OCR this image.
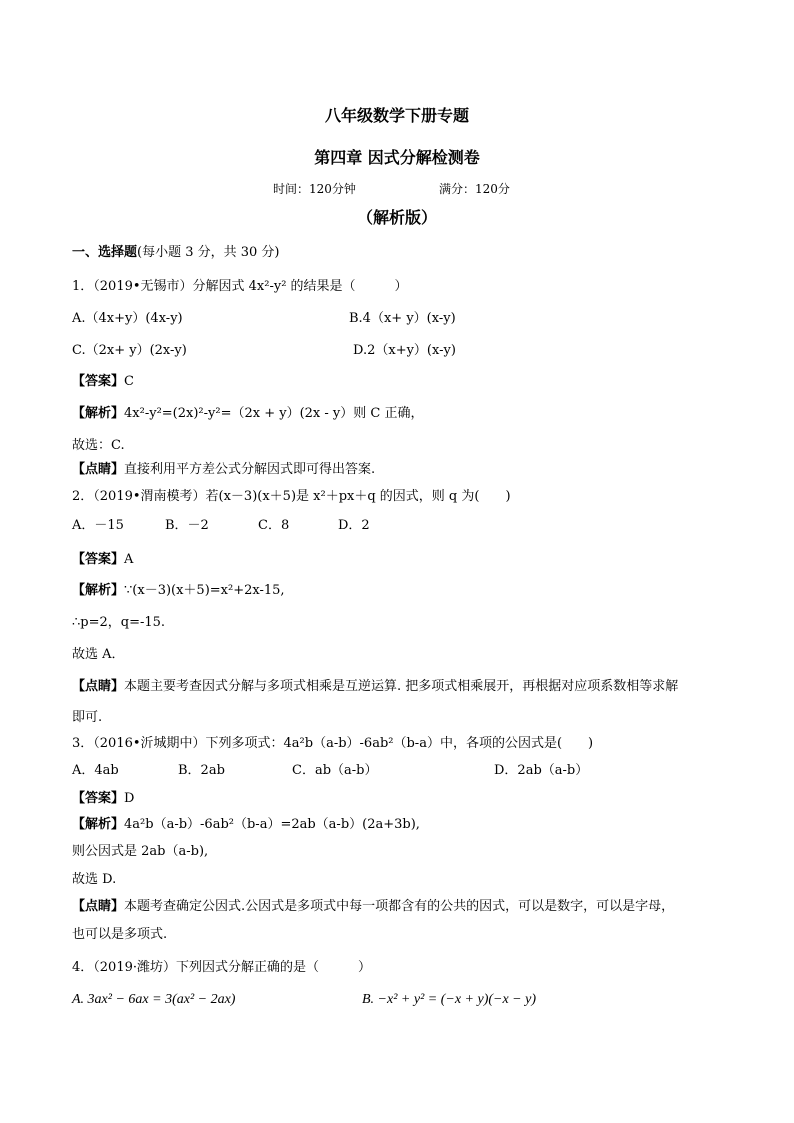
八年级数学下册专题
第四章 因式分解检测卷
时间：120分钟	满分：120分
（解析版）
一、选择题(每小题 3 分，共 30 分)
1．（2019•无锡市）分解因式 4x²-y² 的结果是（　　　）
A.（4x+y）(4x-y)	B.4（x+ y）(x-y)
C.（2x+ y）(2x-y)	D.2（x+y）(x-y)
【答案】C
【解析】4x²-y²=(2x)²-y²=（2x + y）(2x - y）则 C 正确，
故选：C.
【点睛】直接利用平方差公式分解因式即可得出答案.
2．（2019•渭南模考）若(x－3)(x＋5)是 x²＋px＋q 的因式，则 q 为(　　)
A．－15	B．－2	C．8	D．2
【答案】A
【解析】∵(x－3)(x＋5)=x²+2x-15,
∴p=2，q=-15.
故选 A．
【点睛】本题主要考查因式分解与多项式相乘是互逆运算. 把多项式相乘展开，再根据对应项系数相等求解
即可.
3．（2016•沂城期中）下列多项式：4a²b（a-b）-6ab²（b-a）中，各项的公因式是(　　)
A．4ab	B．2ab	C．ab（a-b）	D．2ab（a-b）
【答案】D
【解析】4a²b（a-b）-6ab²（b-a）=2ab（a-b）(2a+3b),
则公因式是 2ab（a-b),
故选 D.
【点睛】本题考查确定公因式.公因式是多项式中每一项都含有的公共的因式，可以是数字，可以是字母，
也可以是多项式.
4．（2019·潍坊）下列因式分解正确的是（　　　）
A. 3ax² − 6ax = 3(ax² − 2ax)	B. −x² + y² = (−x + y)(−x − y)
